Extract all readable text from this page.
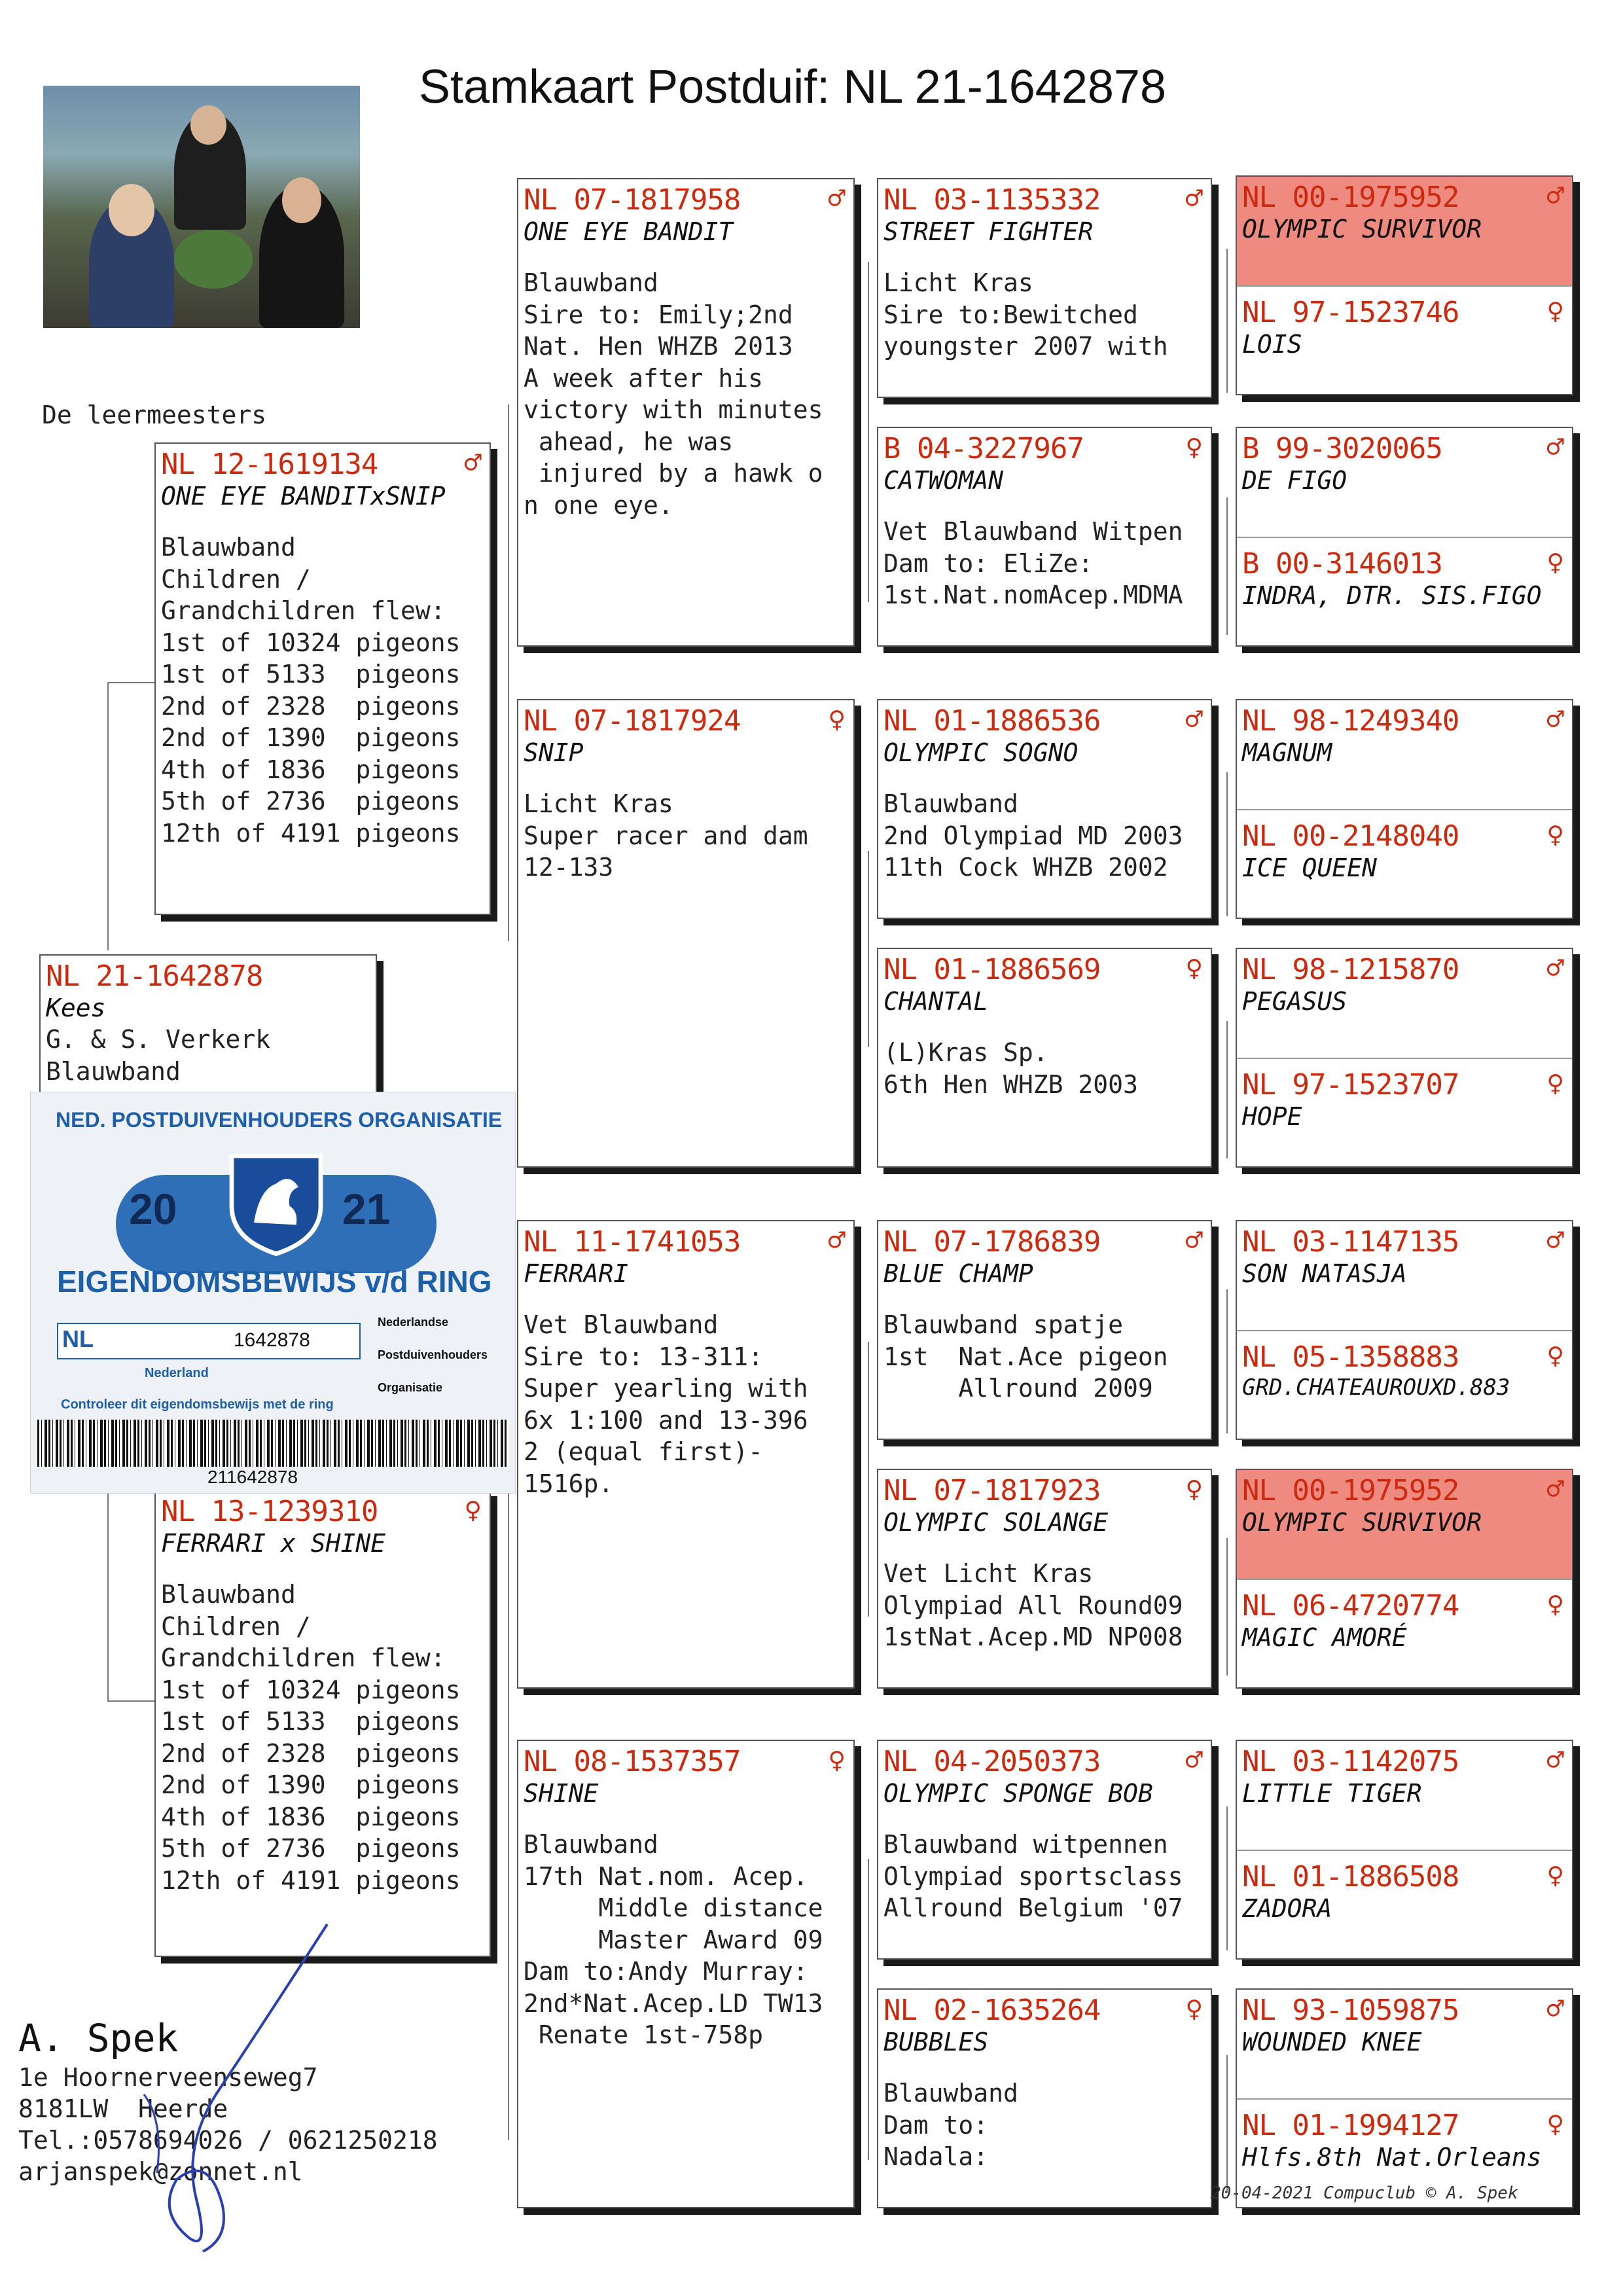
Stamkaart Postduif: NL 21-1642878
De leermeesters
NL 21-1642878
Kees
G. & S. Verkerk
Blauwband
NL 12-1619134	♂
ONE EYE BANDITxSNIP
Blauwband
Children /
Grandchildren flew:
1st of 10324 pigeons
1st of 5133  pigeons
2nd of 2328  pigeons
2nd of 1390  pigeons
4th of 1836  pigeons
5th of 2736  pigeons
12th of 4191 pigeons
NL 13-1239310	♀
FERRARI x SHINE
Blauwband
Children /
Grandchildren flew:
1st of 10324 pigeons
1st of 5133  pigeons
2nd of 2328  pigeons
2nd of 1390  pigeons
4th of 1836  pigeons
5th of 2736  pigeons
12th of 4191 pigeons
NL 07-1817958	♂
ONE EYE BANDIT
Blauwband
Sire to: Emily;2nd
Nat. Hen WHZB 2013
A week after his
victory with minutes
ahead, he was
injured by a hawk o
n one eye.
NL 07-1817924	♀
SNIP
Licht Kras
Super racer and dam
12-133
NL 11-1741053	♂
FERRARI
Vet Blauwband
Sire to: 13-311:
Super yearling with
6x 1:100 and 13-396
2 (equal first)-
1516p.
NL 08-1537357	♀
SHINE
Blauwband
17th Nat.nom. Acep.
Middle distance
Master Award 09
Dam to:Andy Murray:
2nd*Nat.Acep.LD TW13
Renate 1st-758p
NL 03-1135332	♂
STREET FIGHTER
Licht Kras
Sire to:Bewitched
youngster 2007 with
B 04-3227967	♀
CATWOMAN
Vet Blauwband Witpen
Dam to: EliZe:
1st.Nat.nomAcep.MDMA
NL 01-1886536	♂
OLYMPIC SOGNO
Blauwband
2nd Olympiad MD 2003
11th Cock WHZB 2002
NL 01-1886569	♀
CHANTAL
(L)Kras Sp.
6th Hen WHZB 2003
NL 07-1786839	♂
BLUE CHAMP
Blauwband spatje
1st  Nat.Ace pigeon
Allround 2009
NL 07-1817923	♀
OLYMPIC SOLANGE
Vet Licht Kras
Olympiad All Round09
1stNat.Acep.MD NP008
NL 04-2050373	♂
OLYMPIC SPONGE BOB
Blauwband witpennen
Olympiad sportsclass
Allround Belgium '07
NL 02-1635264	♀
BUBBLES
Blauwband
Dam to:
Nadala:
NL 00-1975952	♂
OLYMPIC SURVIVOR
NL 97-1523746	♀
LOIS
B 99-3020065	♂
DE FIGO
B 00-3146013	♀
INDRA, DTR. SIS.FIGO
NL 98-1249340	♂
MAGNUM
NL 00-2148040	♀
ICE QUEEN
NL 98-1215870	♂
PEGASUS
NL 97-1523707	♀
HOPE
NL 03-1147135	♂
SON NATASJA
NL 05-1358883	♀
GRD.CHATEAUROUXD.883
NL 00-1975952	♂
OLYMPIC SURVIVOR
NL 06-4720774	♀
MAGIC AMORÉ
NL 03-1142075	♂
LITTLE TIGER
NL 01-1886508	♀
ZADORA
NL 93-1059875	♂
WOUNDED KNEE
NL 01-1994127	♀
Hlfs.8th Nat.Orleans
NED. POSTDUIVENHOUDERS ORGANISATIE
20	21
EIGENDOMSBEWIJS v/d RING
NL	1642878
Nederland
Nederlandse
Postduivenhouders
Organisatie
Controleer dit eigendomsbewijs met de ring
211642878
A. Spek
1e Hoornerveenseweg7
8181LW  Heerde
Tel.:0578694026 / 0621250218
arjanspek@zonnet.nl
20-04-2021 Compuclub © A. Spek
